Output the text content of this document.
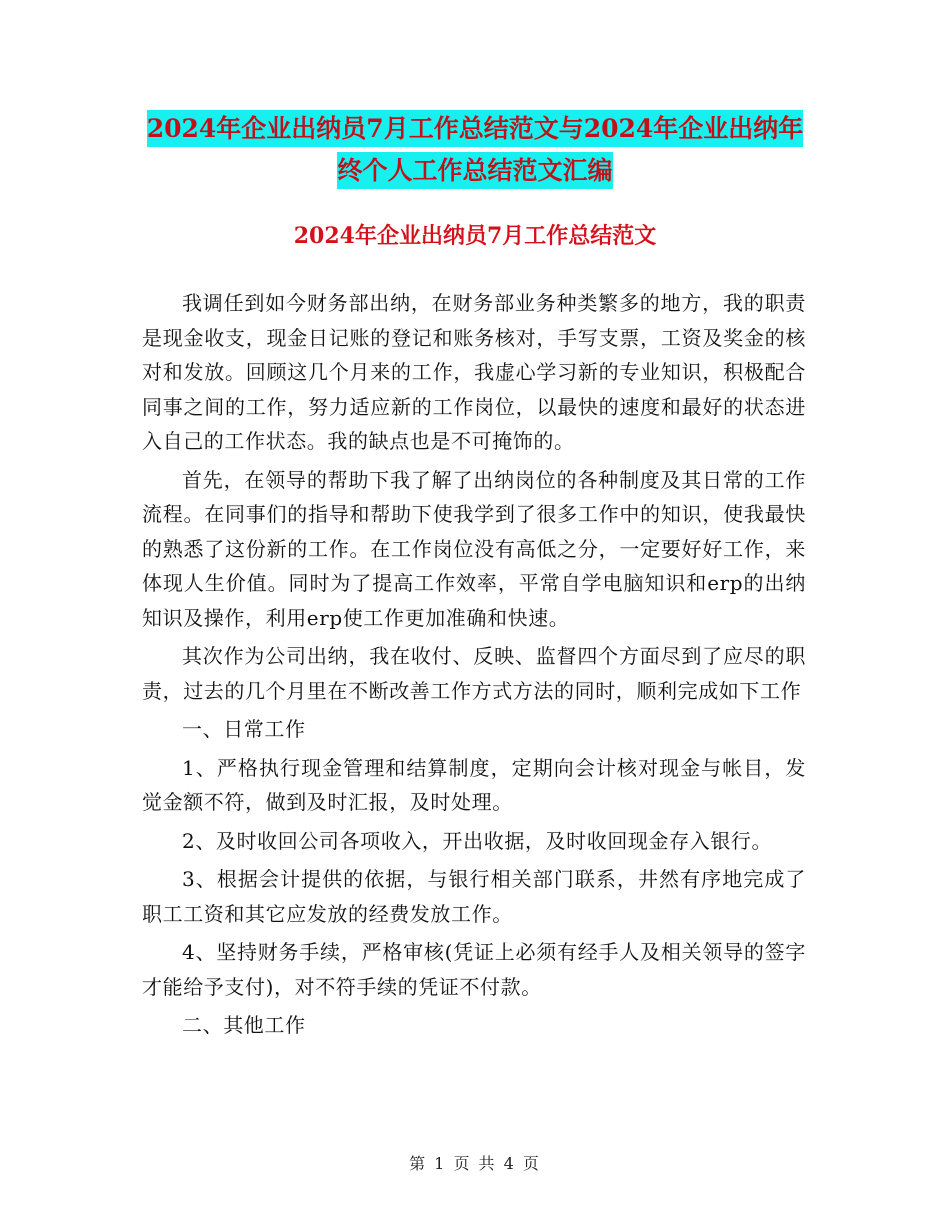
2024年企业出纳员7月工作总结范文与2024年企业出纳年终个人工作总结范文汇编
2024年企业出纳员7月工作总结范文

我调任到如今财务部出纳，在财务部业务种类繁多的地方，我的职责是现金收支，现金日记账的登记和账务核对，手写支票，工资及奖金的核对和发放。回顾这几个月来的工作，我虚心学习新的专业知识，积极配合同事之间的工作，努力适应新的工作岗位，以最快的速度和最好的状态进入自己的工作状态。我的缺点也是不可掩饰的。

首先，在领导的帮助下我了解了出纳岗位的各种制度及其日常的工作流程。在同事们的指导和帮助下使我学到了很多工作中的知识，使我最快的熟悉了这份新的工作。在工作岗位没有高低之分，一定要好好工作，来体现人生价值。同时为了提高工作效率，平常自学电脑知识和erp的出纳知识及操作，利用erp使工作更加准确和快速。

其次作为公司出纳，我在收付、反映、监督四个方面尽到了应尽的职责，过去的几个月里在不断改善工作方式方法的同时，顺利完成如下工作

一、日常工作

1、严格执行现金管理和结算制度，定期向会计核对现金与帐目，发觉金额不符，做到及时汇报，及时处理。

2、及时收回公司各项收入，开出收据，及时收回现金存入银行。

3、根据会计提供的依据，与银行相关部门联系，井然有序地完成了职工工资和其它应发放的经费发放工作。

4、坚持财务手续，严格审核(凭证上必须有经手人及相关领导的签字才能给予支付)，对不符手续的凭证不付款。

二、其他工作

第 1 页 共 4 页
